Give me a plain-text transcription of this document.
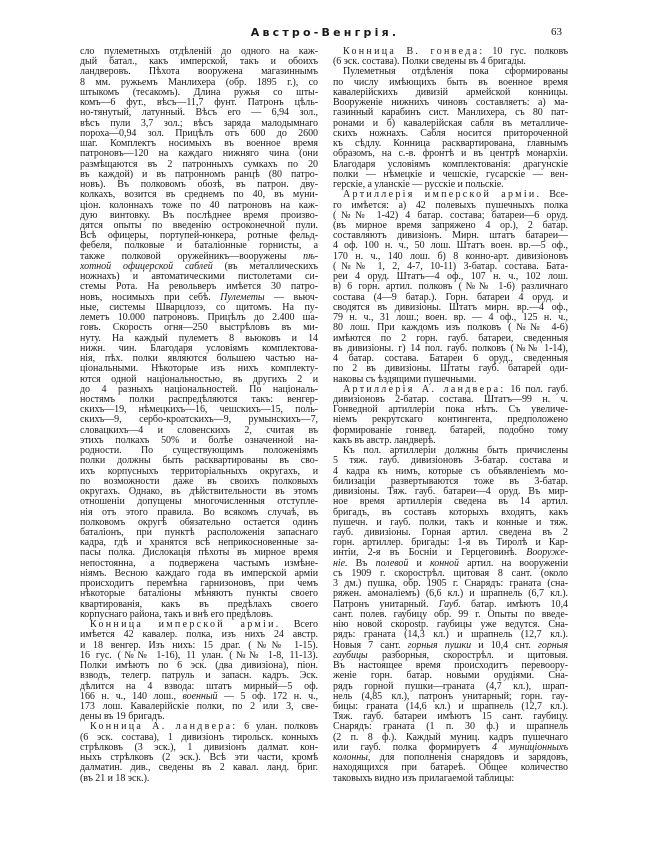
Австро-Венгрія.	63
сло пулеметныхъ отдѣленій до одного на каж-
дый батал., какъ имперской, такъ и обоихъ
ландверовъ. Пѣхота вооружена магазиннымъ
8 мм. ружьемъ Манлихера (обр. 1895 г.), со
штыкомъ (тесакомъ). Длина ружья со шты-
комъ—6 фут., вѣсъ—11,7 фунт. Патронъ цѣль-
но-тянутый, латунный. Вѣсъ его — 6,94 зол.,
вѣсъ пули 3,7 зол.; вѣсъ заряда малодымнаго
пороха—0,94 зол. Прицѣлъ отъ 600 до 2600
шаг. Комплектъ носимыхъ въ военное время
патроновъ—120 на каждаго нижняго чина (они
размѣщаются въ 2 патронныхъ сумкахъ по 20
въ каждой) и въ патронномъ ранцѣ (80 патро-
новъ). Въ полковомъ обозѣ, въ патрон. дву-
колкахъ, возится въ среднемъ по 40, въ муни-
ціон. колоннахъ тоже по 40 патроновъ на каж-
дую винтовку. Въ послѣднее время произво-
дятся опыты по введенію остроконечной пули.
Всѣ офицеры, портупей-юнкера, ротные фельд-
фебеля, полковые и баталіонные горнисты, а
также полковой оружейникъ—вооружены пѣ-
хотной офицерской саблей (въ металлическихъ
ножнахъ) и автоматическими пистолетами си-
стемы Рота. На револьверъ имѣется 30 патро-
новъ, носимыхъ при себѣ. Пулеметы — вьюч-
ные, системы Шварцлозэ, со щитомъ. На пу-
леметъ 10.000 патроновъ. Прицѣлъ до 2.400 ша-
говъ. Скорость огня—250 выстрѣловъ въ ми-
нуту. На каждый пулеметъ 8 вьюковъ и 14
нижн. чин. Благодаря условіямъ комплектова-
нія, пѣх. полки являются большею частью на-
ціональными. Нѣкоторые изъ нихъ комплекту-
ются одной національностью, въ другихъ 2 и
до 4 разныхъ національностей. По національ-
ностямъ полки распредѣляются такъ: венгер-
скихъ—19, нѣмецкихъ—16, чешскихъ—15, поль-
скихъ—9, сербо-кроатскихъ—9, румынскихъ—7,
словацкихъ—4 и словенскихъ 2, считая въ
этихъ полкахъ 50% и болѣе означенной на-
родности. По существующимъ положеніямъ
полки должны быть расквартированы въ сво-
ихъ корпусныхъ территоріальныхъ округахъ, и
по возможности даже въ своихъ полковыхъ
округахъ. Однако, въ дѣйствительности въ этомъ
отношеніи допущены многочисленныя отступле-
нія отъ этого правила. Во всякомъ случаѣ, въ
полковомъ округѣ обязательно остается одинъ
баталіонъ, при пунктѣ расположенія запаснаго
кадра, гдѣ и хранятся всѣ неприкосновенные за-
пасы полка. Дислокація пѣхоты въ мирное время
непостоянна, а подвержена частымъ измѣне-
ніямъ. Весною каждаго года въ имперской арміи
происходитъ перемѣна гарнизоновъ, при чемъ
нѣкоторые баталіоны мѣняютъ пункты своего
квартированія, какъ въ предѣлахъ своего
корпуснаго района, такъ и внѣ его предѣловъ.
Конница имперской арміи. Всего
имѣется 42 кавалер. полка, изъ нихъ 24 австр.
и 18 венгер. Изъ нихъ: 15 драг. (№№ 1-15).
16 гус. (№№ 1-16), 11 улан. (№№ 1-8, 11-13).
Полки имѣютъ по 6 эск. (два дивизіона), піон.
взводъ, телегр. патруль и запасн. кадръ. Эск.
дѣлится на 4 взвода: штатъ мирный—5 оф.
166 н. ч., 140 лош., военный — 5 оф. 172 н. ч.,
173 лош. Кавалерійскіе полки, по 2 или 3, све-
дены въ 19 бригадъ.
Конница А. ландвера: 6 улан. полковъ
(6 эск. состава), 1 дивизіонъ тирольск. конныхъ
стрѣлковъ (3 эск.), 1 дивизіонъ далмат. кон-
ныхъ стрѣлковъ (2 эск.). Всѣ эти части, кромѣ
далматин. див., сведены въ 2 кавал. ланд. бриг.
(въ 21 и 18 эск.).
Конница В. гонведа: 10 гус. полковъ
(6 эск. состава). Полки сведены въ 4 бригады.
Пулеметныя отдѣленія пока сформированы
по числу имѣющихъ быть въ военное время
кавалерійскихъ дивизій армейской конницы.
Вооруженіе нижнихъ чиновъ составляетъ: а) ма-
газинный карабинъ сист. Манлихера, съ 80 пат-
ронами и б) кавалерійская сабля въ металличе-
скихъ ножнахъ. Сабля носится притороченной
къ сѣдлу. Конница расквартирована, главнымъ
образомъ, на с.-в. фронтѣ и въ центрѣ монархіи.
Благодаря условіямъ комплектованія: драгунскіе
полки — нѣмецкіе и чешскіе, гусарскіе — вен-
герскіе, а уланскіе — русскіе и польскіе.
Артиллерія имперской арміи. Все-
го имѣется: а) 42 полевыхъ пушечныхъ полка
(№№ 1-42) 4 батар. состава; батареи—6 оруд.
(въ мирное время запряжено 4 ор.), 2 батар.
составляютъ дивизіонъ. Мирн. штатъ батареи—
4 оф. 100 н. ч., 50 лош. Штатъ воен. вр.—5 оф.,
170 н. ч., 140 лош. б) 8 конно-арт. дивизіоновъ
(№№ 1, 2, 4-7, 10-11) 3-батар. состава. Бата-
реи 4 оруд. Штатъ—4 оф., 107 н. ч., 102 лош.
в) 6 горн. артил. полковъ (№№ 1-6) различнаго
состава (4—9 батар.). Горн. батареи 4 оруд. и
сводятся въ дивизіоны. Штатъ мирн. вр.—4 оф.,
79 н. ч., 31 лош.; воен. вр. — 4 оф., 125 н. ч.,
80 лош. При каждомъ изъ полковъ (№№ 4-6)
имѣются по 2 горн. гауб. батареи, сведенныя
въ дивизіоны. г) 14 пол. гауб. полковъ (№№ 1-14),
4 батар. состава. Батареи 6 оруд., сведенныя
по 2 въ дивизіоны. Штаты гауб. батарей оди-
наковы съ ѣздящими пушечными.
Артиллерія А. ландвера: 16 пол. гауб.
дивизіоновъ 2-батар. состава. Штатъ—99 н. ч.
Гонведной артиллеріи пока нѣтъ. Съ увеличе-
ніемъ рекрутскаго контингента, предположено
формированіе гонвед. батарей, подобно тому
какъ въ австр. ландверѣ.
Къ пол. артиллеріи должны быть причислены
5 тяж. гауб. дивизіоновъ 3-батар. состава и
4 кадра къ нимъ, которые съ объявленіемъ мо-
билизаціи развертываются тоже въ 3-батар.
дивизіоны. Тяж. гауб. батареи—4 оруд. Въ мир-
ное время артиллерія сведена въ 14 артил.
бригадъ, въ составъ которыхъ входятъ, какъ
пушечн. и гауб. полки, такъ и конные и тяж.
гауб. дивизіоны. Горная артил. сведена въ 2
горн. артиллер. бригады: 1-я въ Тиролѣ и Кар-
интіи, 2-я въ Босніи и Герцеговинѣ. Вооруже-
ніе. Въ полевой и конной артил. на вооруженіи
съ 1909 г. скорострѣл. щитовая 8 сант. (около
3 дм.) пушка, обр. 1905 г. Снарядъ: граната (сна-
ряжен. амоналіемъ) (6,6 кл.) и шрапнель (6,7 кл.).
Патронъ унитарный. Гауб. батар. имѣютъ 10,4
сант. полев. гаубицу обр. 99 г. Опыты по введе-
нію новой скорostр. гаубицы уже ведутся. Сна-
рядъ: граната (14,3 кл.) и шрапнель (12,7 кл.).
Новыя 7 сант. горныя пушки и 10,4 снт. горныя
гаубицы разборныя, скорострѣл. и щитовыя.
Въ настоящее время происходитъ перевоору-
женіе горн. батар. новыми орудіями. Сна-
рядъ горной пушки—граната (4,7 кл.), шрап-
нель (4,85 кл.), патронъ унитарный; горн. гау-
бицы: граната (14,6 кл.) и шрапнель (12,7 кл.).
Тяж. гауб. батареи имѣютъ 15 сант. гаубицу.
Снарядъ: граната (1 п. 30 ф.) и шрапнель
(2 п. 8 ф.). Каждый муниц. кадръ пушечнаго
или гауб. полка формируетъ 4 муниціонныхъ
колонны, для пополненія снарядовъ и зарядовъ,
находящихся при батареѣ. Общее количество
таковыхъ видно изъ прилагаемой таблицы:
